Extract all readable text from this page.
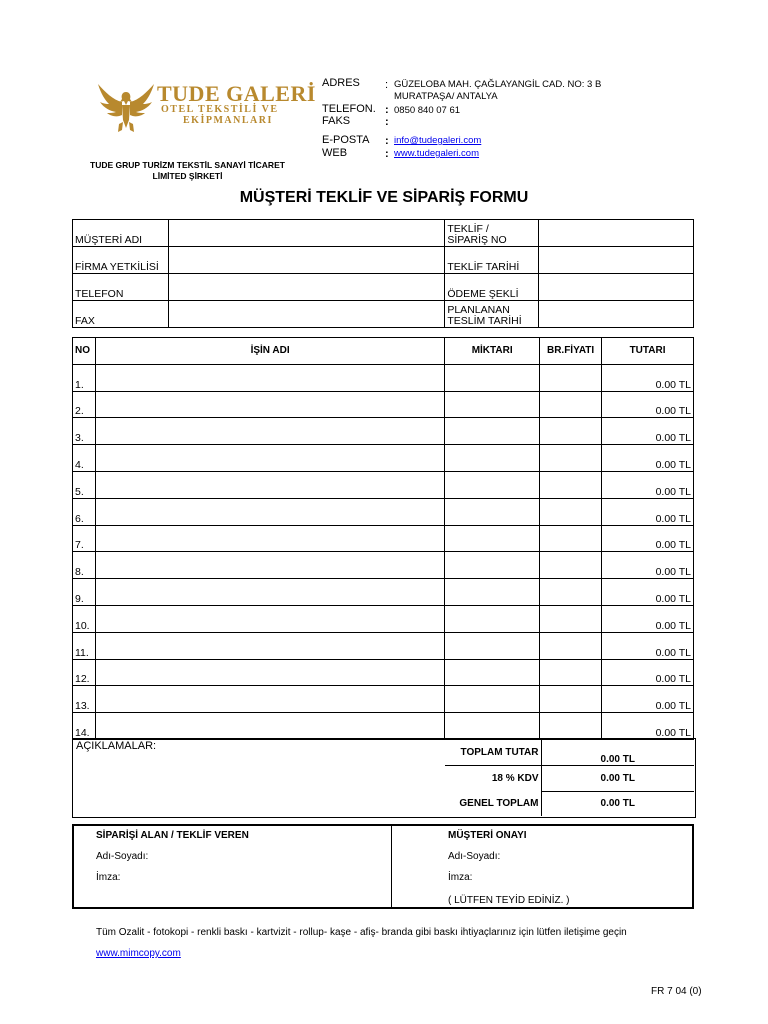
TUDE GALERİ
OTEL TEKSTİLİ VE
EKİPMANLARI
TUDE GRUP TURİZM TEKSTİL SANAYİ TİCARET
LİMİTED ŞİRKETİ
ADRES : GÜZELOBA MAH. ÇAĞLAYANGİL CAD. NO: 3 B
MURATPAŞA/ ANTALYA
TELEFON. : 0850 840 07 61
FAKS	:
E-POSTA : info@tudegaleri.com
WEB	: www.tudegaleri.com
MÜŞTERİ TEKLİF VE SİPARİŞ FORMU
MÜŞTERİ ADI		TEKLİF /
SİPARİŞ NO	

FİRMA YETKİLİSİ		TEKLİF TARİHİ	
TELEFON		ÖDEME ŞEKLİ	
FAX		PLANLANAN
TESLİM TARİHİ	

NO	İŞİN ADI	MİKTARI	BR.FİYATI	TUTARI
1.				0.00 TL
2.				0.00 TL
3.				0.00 TL
4.				0.00 TL
5.				0.00 TL
6.				0.00 TL
7.				0.00 TL
8.				0.00 TL
9.				0.00 TL
10.				0.00 TL
11.				0.00 TL
12.				0.00 TL
13.				0.00 TL
14.				0.00 TL
AÇIKLAMALAR:
TOPLAM TUTAR	0.00 TL
18 % KDV	0.00 TL
GENEL TOPLAM	0.00 TL
SİPARİŞİ ALAN / TEKLİF VEREN
Adı-Soyadı:
İmza:
MÜŞTERİ ONAYI
Adı-Soyadı:
İmza:
( LÜTFEN TEYİD EDİNİZ. )
Tüm Ozalit - fotokopi - renkli baskı - kartvizit - rollup- kaşe - afiş- branda gibi baskı ihtiyaçlarınız için lütfen iletişime geçin
www.mimcopy.com
FR 7 04 (0)
